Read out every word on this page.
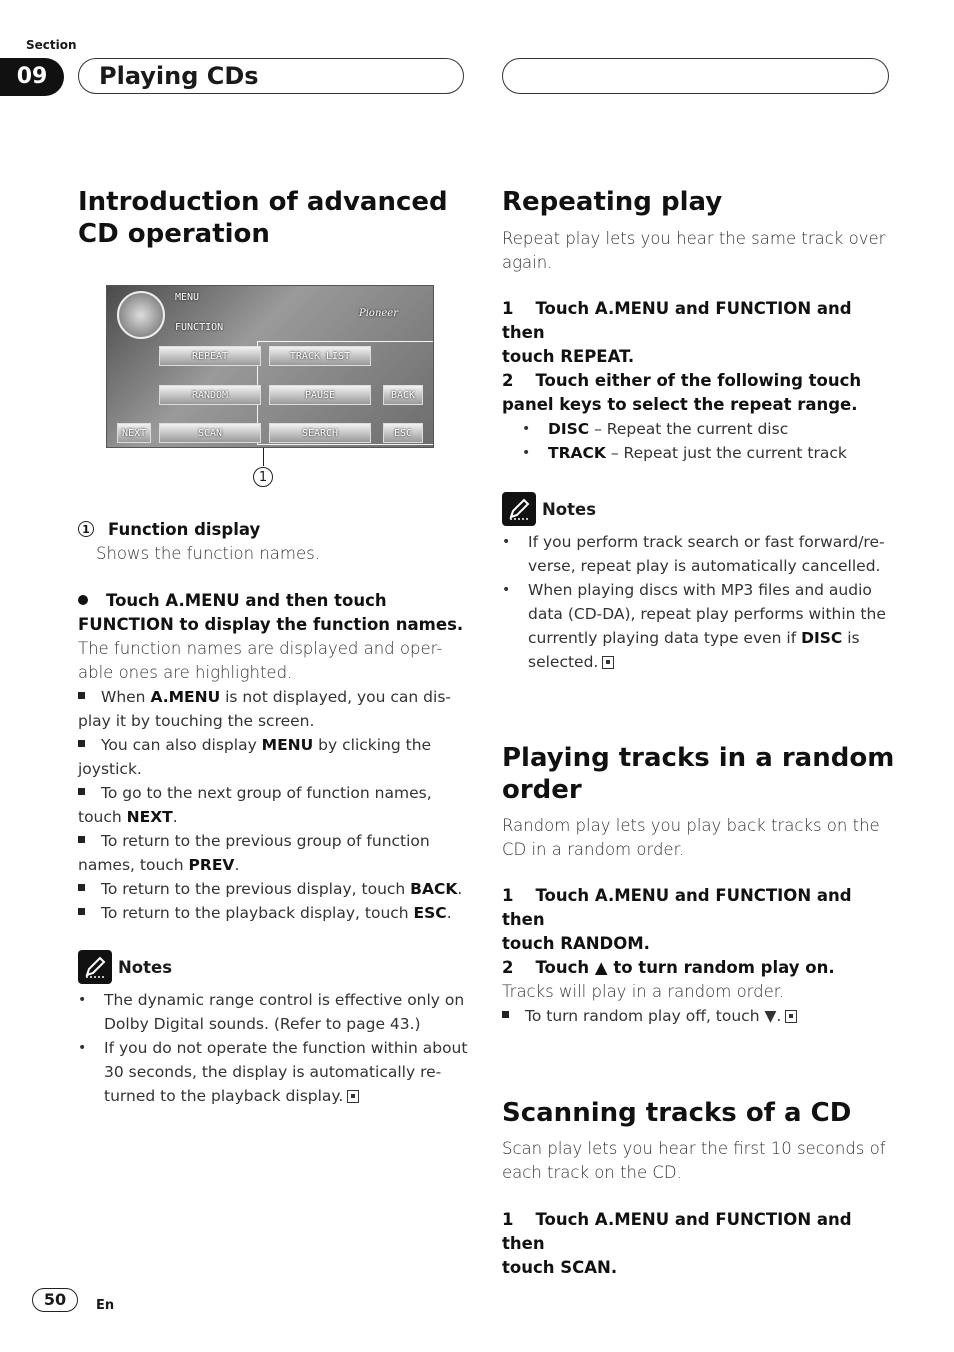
Section
09	Playing CDs
Introduction of advanced
CD operation
MENU
FUNCTION
Pioneer
REPEAT	TRACK LIST
RANDOM	PAUSE	BACK
NEXT	SCAN	SEARCH	ESC
1

1 Function display

Shows the function names.

Touch A.MENU and then touch

FUNCTION to display the function names.

The function names are displayed and oper-

able ones are highlighted.

When A.MENU is not displayed, you can dis-
play it by touching the screen.
You can also display MENU by clicking the
joystick.
To go to the next group of function names,
touch NEXT.
To return to the previous group of function
names, touch PREV.
To return to the previous display, touch BACK.
To return to the playback display, touch ESC.
Notes
• The dynamic range control is effective only on
Dolby Digital sounds. (Refer to page 43.)
• If you do not operate the function within about
30 seconds, the display is automatically re-
turned to the playback display.
Repeating play

Repeat play lets you hear the same track over

again.

1 Touch A.MENU and FUNCTION and then

touch REPEAT.

2 Touch either of the following touch

panel keys to select the repeat range.

• DISC – Repeat the current disc
• TRACK – Repeat just the current track
Notes
• If you perform track search or fast forward/re-
verse, repeat play is automatically cancelled.
• When playing discs with MP3 files and audio
data (CD-DA), repeat play performs within the
currently playing data type even if DISC is
selected.
Playing tracks in a random
order

Random play lets you play back tracks on the

CD in a random order.

1 Touch A.MENU and FUNCTION and then

touch RANDOM.

2 Touch ▲ to turn random play on.

Tracks will play in a random order.

To turn random play off, touch ▼.
Scanning tracks of a CD

Scan play lets you hear the first 10 seconds of

each track on the CD.

1 Touch A.MENU and FUNCTION and then

touch SCAN.

50	En
